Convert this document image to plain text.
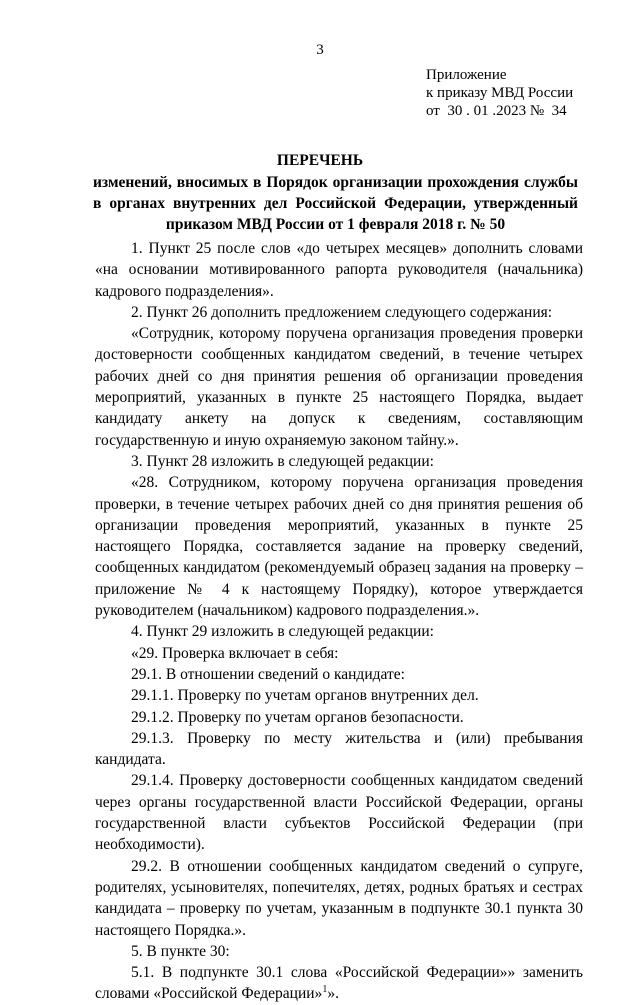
3
Приложение
к приказу МВД России
от  30 . 01 .2023 №  34
ПЕРЕЧЕНЬ
изменений, вносимых в Порядок организации прохождения службы в органах внутренних дел Российской Федерации, утвержденный приказом МВД России от 1 февраля 2018 г. № 50

1. Пункт 25 после слов «до четырех месяцев» дополнить словами «на основании мотивированного рапорта руководителя (начальника) кадрового подразделения».

2. Пункт 26 дополнить предложением следующего содержания:

«Сотрудник, которому поручена организация проведения проверки достоверности сообщенных кандидатом сведений, в течение четырех рабочих дней со дня принятия решения об организации проведения мероприятий, указанных в пункте 25 настоящего Порядка, выдает кандидату анкету на допуск к сведениям, составляющим государственную и иную охраняемую законом тайну.».

3. Пункт 28 изложить в следующей редакции:

«28. Сотрудником, которому поручена организация проведения проверки, в течение четырех рабочих дней со дня принятия решения об организации проведения мероприятий, указанных в пункте 25 настоящего Порядка, составляется задание на проверку сведений, сообщенных кандидатом (рекомендуемый образец задания на проверку – приложение № 4 к настоящему Порядку), которое утверждается руководителем (начальником) кадрового подразделения.».

4. Пункт 29 изложить в следующей редакции:

«29. Проверка включает в себя:

29.1. В отношении сведений о кандидате:

29.1.1. Проверку по учетам органов внутренних дел.

29.1.2. Проверку по учетам органов безопасности.

29.1.3. Проверку по месту жительства и (или) пребывания кандидата.

29.1.4. Проверку достоверности сообщенных кандидатом сведений через органы государственной власти Российской Федерации, органы государственной власти субъектов Российской Федерации (при необходимости).

29.2. В отношении сообщенных кандидатом сведений о супруге, родителях, усыновителях, попечителях, детях, родных братьях и сестрах кандидата – проверку по учетам, указанным в подпункте 30.1 пункта 30 настоящего Порядка.».

5. В пункте 30:

5.1. В подпункте 30.1 слова «Российской Федерации»» заменить словами «Российской Федерации»$^1$».
